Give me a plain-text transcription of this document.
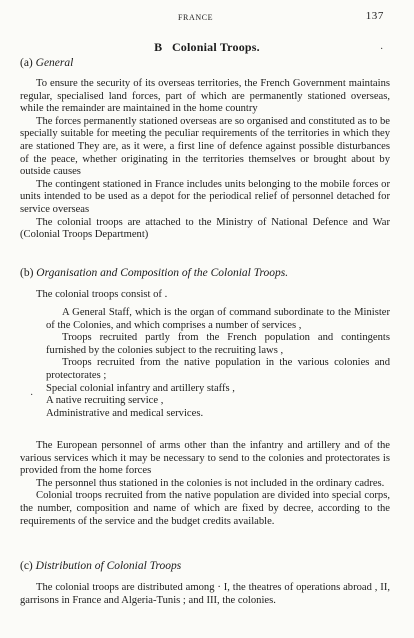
FRANCE	137
B   Colonial Troops.	·
(a) General

To ensure the security of its overseas territories, the French Government maintains regular, specialised land forces, part of which are permanently stationed overseas, while the remainder are maintained in the home country

The forces permanently stationed overseas are so organised and constituted as to be specially suitable for meeting the peculiar requirements of the territories in which they are stationed They are, as it were, a first line of defence against possible disturbances of the peace, whether originating in the territories themselves or brought about by outside causes

The contingent stationed in France includes units belonging to the mobile forces or units intended to be used as a depot for the periodical relief of personnel detached for service overseas

The colonial troops are attached to the Ministry of National Defence and War (Colonial Troops Department)

(b) Organisation and Composition of the Colonial Troops.
The colonial troops consist of .

A General Staff, which is the organ of command subordinate to the Minister of the Colonies, and which comprises a number of services ,

Troops recruited partly from the French population and contingents furnished by the colonies subject to the recruiting laws ,

Troops recruited from the native population in the various colonies and protectorates ;

Special colonial infantry and artillery staffs ,

A native recruiting service ,

Administrative and medical services.

·

The European personnel of arms other than the infantry and artillery and of the various services which it may be necessary to send to the colonies and protectorates is provided from the home forces

The personnel thus stationed in the colonies is not included in the ordinary cadres.

Colonial troops recruited from the native population are divided into special corps, the number, composition and name of which are fixed by decree, according to the requirements of the service and the budget credits available.

(c) Distribution of Colonial Troops

The colonial troops are distributed among · I, the theatres of operations abroad , II, garrisons in France and Algeria-Tunis ; and III, the colonies.
